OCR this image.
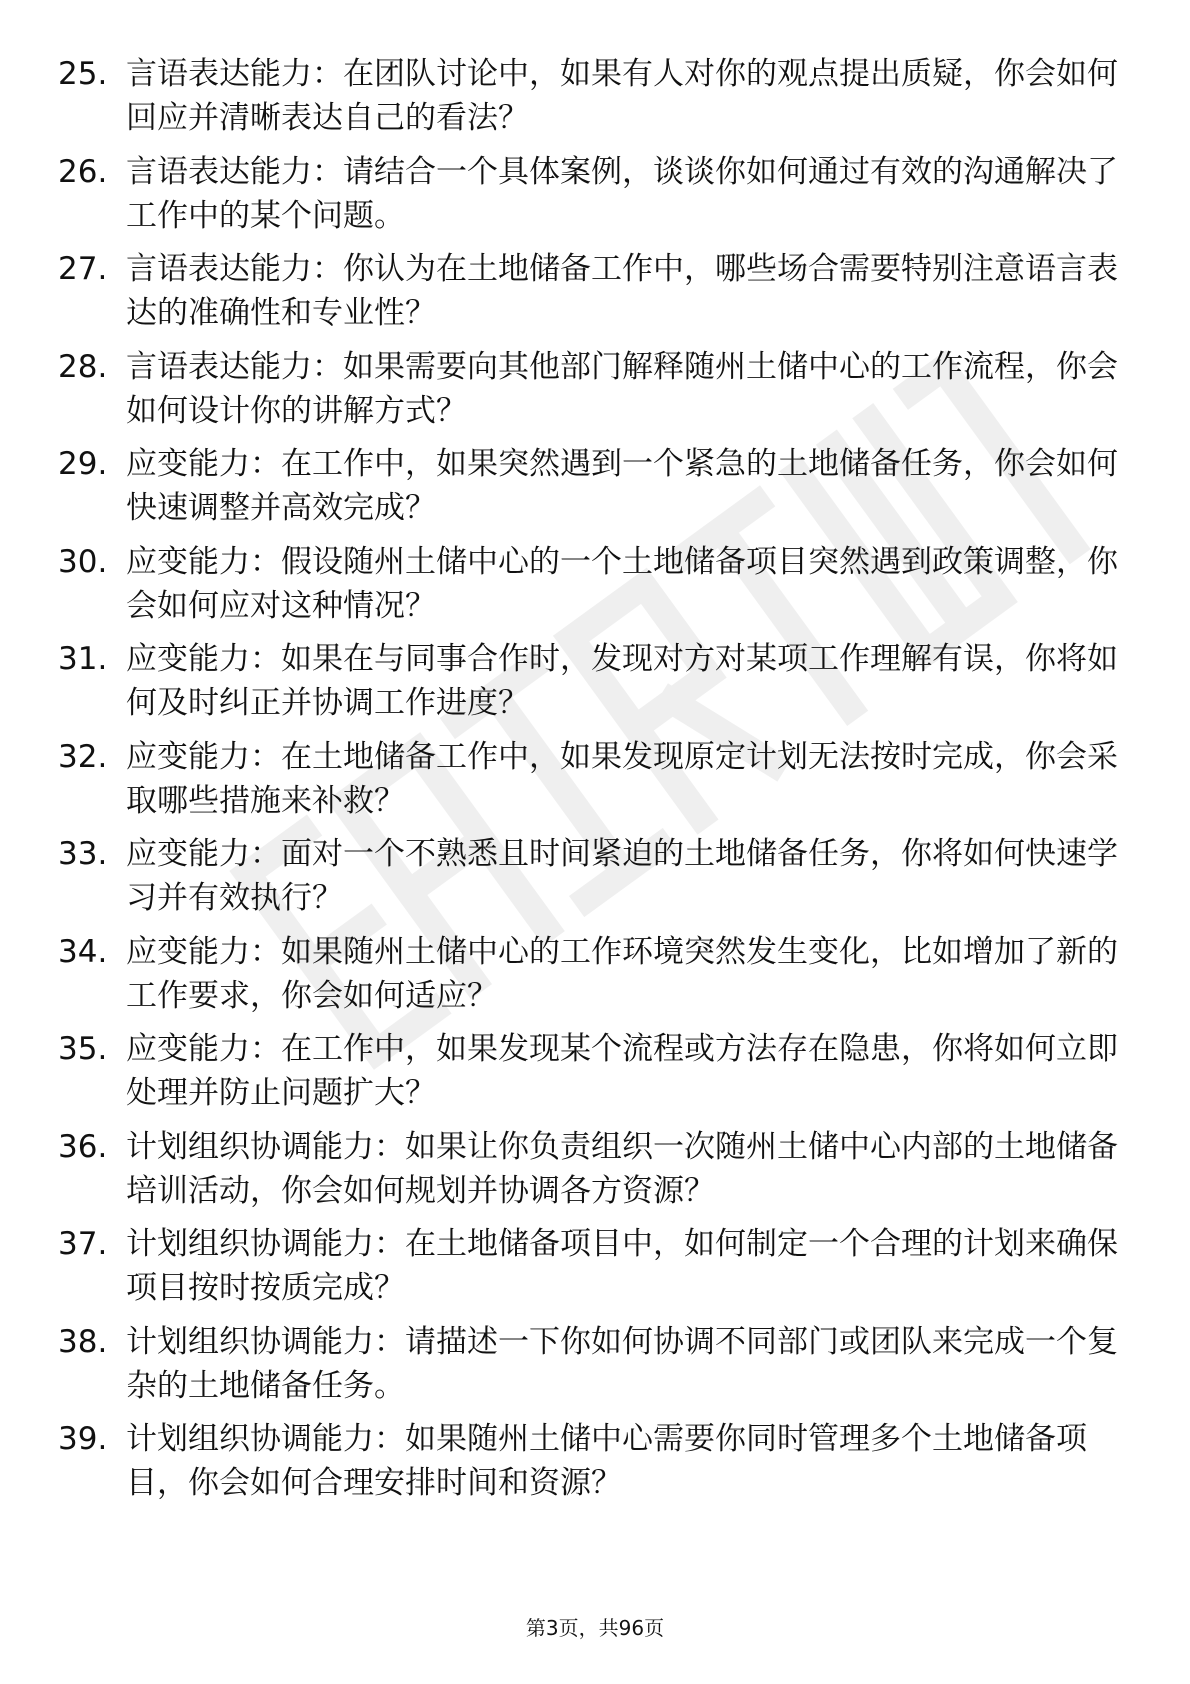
25. 言语表达能力：在团队讨论中，如果有人对你的观点提出质疑，你会如何回应并清晰表达自己的看法？
26. 言语表达能力：请结合一个具体案例，谈谈你如何通过有效的沟通解决了工作中的某个问题。
27. 言语表达能力：你认为在土地储备工作中，哪些场合需要特别注意语言表达的准确性和专业性？
28. 言语表达能力：如果需要向其他部门解释随州土储中心的工作流程，你会如何设计你的讲解方式？
29. 应变能力：在工作中，如果突然遇到一个紧急的土地储备任务，你会如何快速调整并高效完成？
30. 应变能力：假设随州土储中心的一个土地储备项目突然遇到政策调整，你会如何应对这种情况？
31. 应变能力：如果在与同事合作时，发现对方对某项工作理解有误，你将如何及时纠正并协调工作进度？
32. 应变能力：在土地储备工作中，如果发现原定计划无法按时完成，你会采取哪些措施来补救？
33. 应变能力：面对一个不熟悉且时间紧迫的土地储备任务，你将如何快速学习并有效执行？
34. 应变能力：如果随州土储中心的工作环境突然发生变化，比如增加了新的工作要求，你会如何适应？
35. 应变能力：在工作中，如果发现某个流程或方法存在隐患，你将如何立即处理并防止问题扩大？
36. 计划组织协调能力：如果让你负责组织一次随州土储中心内部的土地储备培训活动，你会如何规划并协调各方资源？
37. 计划组织协调能力：在土地储备项目中，如何制定一个合理的计划来确保项目按时按质完成？
38. 计划组织协调能力：请描述一下你如何协调不同部门或团队来完成一个复杂的土地储备任务。
39. 计划组织协调能力：如果随州土储中心需要你同时管理多个土地储备项目，你会如何合理安排时间和资源？
第3页，共96页
